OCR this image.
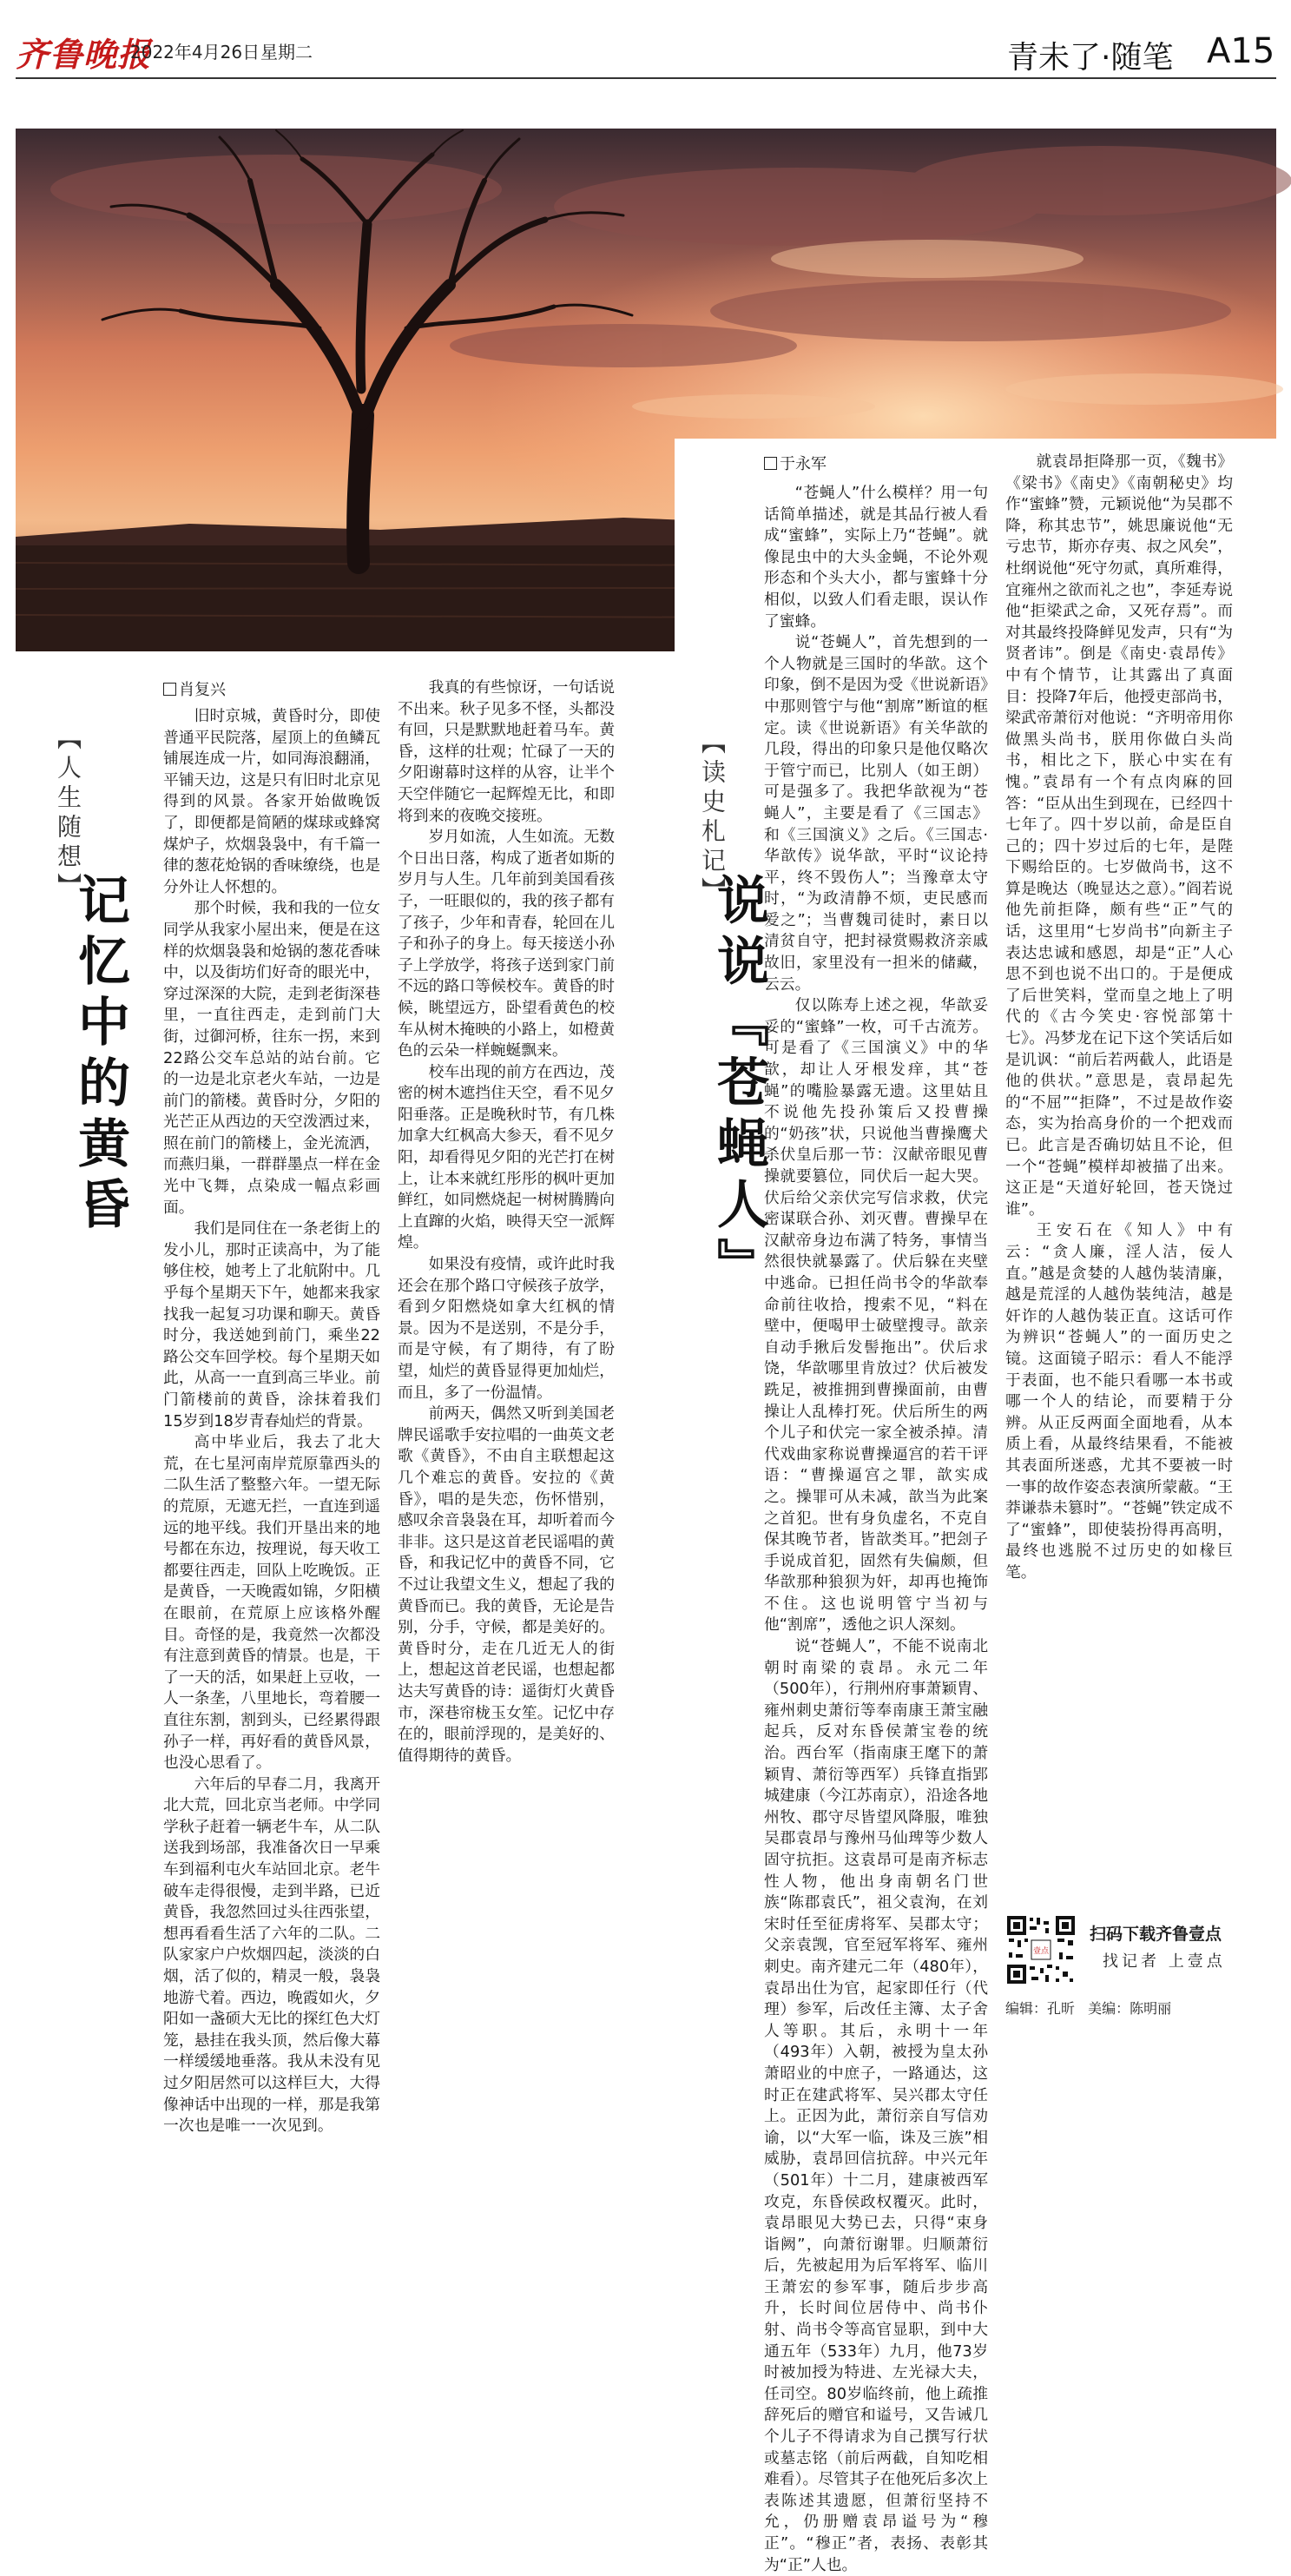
齐鲁晚报
2022年4月26日 星期二	青未了·随笔 A15
【人生随想】
记忆中的黄昏
肖复兴

旧时京城，黄昏时分，即使普通平民院落，屋顶上的鱼鳞瓦铺展连成一片，如同海浪翻涌，平铺天边，这是只有旧时北京见得到的风景。各家开始做晚饭了，即便都是简陋的煤球或蜂窝煤炉子，炊烟袅袅中，有千篇一律的葱花炝锅的香味缭绕，也是分外让人怀想的。

那个时候，我和我的一位女同学从我家小屋出来，便是在这样的炊烟袅袅和炝锅的葱花香味中，以及街坊们好奇的眼光中，穿过深深的大院，走到老街深巷里，一直往西走，走到前门大街，过御河桥，往东一拐，来到22路公交车总站的站台前。它的一边是北京老火车站，一边是前门的箭楼。黄昏时分，夕阳的光芒正从西边的天空泼洒过来，照在前门的箭楼上，金光流洒，而燕归巢，一群群墨点一样在金光中飞舞，点染成一幅点彩画面。

我们是同住在一条老街上的发小儿，那时正读高中，为了能够住校，她考上了北航附中。几乎每个星期天下午，她都来我家找我一起复习功课和聊天。黄昏时分，我送她到前门，乘坐22路公交车回学校。每个星期天如此，从高一一直到高三毕业。前门箭楼前的黄昏，涂抹着我们15岁到18岁青春灿烂的背景。

高中毕业后，我去了北大荒，在七星河南岸荒原靠西头的二队生活了整整六年。一望无际的荒原，无遮无拦，一直连到遥远的地平线。我们开垦出来的地号都在东边，按理说，每天收工都要往西走，回队上吃晚饭。正是黄昏，一天晚霞如锦，夕阳横在眼前，在荒原上应该格外醒目。奇怪的是，我竟然一次都没有注意到黄昏的情景。也是，干了一天的活，如果赶上豆收，一人一条垄，八里地长，弯着腰一直往东割，割到头，已经累得跟孙子一样，再好看的黄昏风景，也没心思看了。

六年后的早春二月，我离开北大荒，回北京当老师。中学同学秋子赶着一辆老牛车，从二队送我到场部，我准备次日一早乘车到福利屯火车站回北京。老牛破车走得很慢，走到半路，已近黄昏，我忽然回过头往西张望，想再看看生活了六年的二队。二队家家户户炊烟四起，淡淡的白烟，活了似的，精灵一般，袅袅地游弋着。西边，晚霞如火，夕阳如一盏硕大无比的探红色大灯笼，悬挂在我头顶，然后像大幕一样缓缓地垂落。我从未没有见过夕阳居然可以这样巨大，大得像神话中出现的一样，那是我第一次也是唯一一次见到。

我真的有些惊讶，一句话说不出来。秋子见多不怪，头都没有回，只是默默地赶着马车。黄昏，这样的壮观；忙碌了一天的夕阳谢幕时这样的从容，让半个天空伴随它一起辉煌无比，和即将到来的夜晚交接班。

岁月如流，人生如流。无数个日出日落，构成了逝者如斯的岁月与人生。几年前到美国看孩子，一旺眼似的，我的孩子都有了孩子，少年和青春，轮回在儿子和孙子的身上。每天接送小孙子上学放学，将孩子送到家门前不远的路口等候校车。黄昏的时候，眺望远方，卧望看黄色的校车从树木掩映的小路上，如橙黄色的云朵一样蜿蜒飘来。

校车出现的前方在西边，茂密的树木遮挡住天空，看不见夕阳垂落。正是晚秋时节，有几株加拿大红枫高大参天，看不见夕阳，却看得见夕阳的光芒打在树上，让本来就红彤彤的枫叶更加鲜红，如同燃烧起一树树腾腾向上直蹿的火焰，映得天空一派辉煌。

如果没有疫情，或许此时我还会在那个路口守候孩子放学，看到夕阳燃烧如拿大红枫的情景。因为不是送别，不是分手，而是守候，有了期待，有了盼望，灿烂的黄昏显得更加灿烂，而且，多了一份温情。

前两天，偶然又听到美国老牌民谣歌手安拉唱的一曲英文老歌《黄昏》，不由自主联想起这几个难忘的黄昏。安拉的《黄昏》，唱的是失恋，伤怀惜别，感叹余音袅袅在耳，却听着而今非非。这只是这首老民谣唱的黄昏，和我记忆中的黄昏不同，它不过让我望文生义，想起了我的黄昏而已。我的黄昏，无论是告别，分手，守候，都是美好的。黄昏时分，走在几近无人的街上，想起这首老民谣，也想起都达夫写黄昏的诗：遥街灯火黄昏市，深巷帘栊玉女笙。记忆中存在的，眼前浮现的，是美好的、值得期待的黄昏。

【读史札记】
说说『苍蝇人』
于永军

“苍蝇人”什么模样？用一句话简单描述，就是其品行被人看成“蜜蜂”，实际上乃“苍蝇”。就像昆虫中的大头金蝇，不论外观形态和个头大小，都与蜜蜂十分相似，以致人们看走眼，误认作了蜜蜂。

说“苍蝇人”，首先想到的一个人物就是三国时的华歆。这个印象，倒不是因为受《世说新语》中那则管宁与他“割席”断谊的框定。读《世说新语》有关华歆的几段，得出的印象只是他仅略次于管宁而已，比别人（如王朗）可是强多了。我把华歆视为“苍蝇人”，主要是看了《三国志》和《三国演义》之后。《三国志·华歆传》说华歆，平时“议论持平，终不毁伤人”；当豫章太守时，“为政清静不烦，吏民感而爱之”；当曹魏司徒时，素日以清贫自守，把封禄赏赐救济亲戚故旧，家里没有一担米的储藏，云云。

仅以陈寿上述之视，华歆妥妥的“蜜蜂”一枚，可千古流芳。可是看了《三国演义》中的华歆，却让人牙根发痒，其“苍蝇”的嘴脸暴露无遗。这里姑且不说他先投孙策后又投曹操的“奶孩”状，只说他当曹操鹰犬杀伏皇后那一节：汉献帝眼见曹操就要篡位，同伏后一起大哭。伏后给父亲伏完写信求救，伏完密谋联合孙、刘灭曹。曹操早在汉献帝身边布满了特务，事情当然很快就暴露了。伏后躲在夹壁中逃命。已担任尚书令的华歆奉命前往收拾，搜索不见，“料在壁中，便喝甲士破壁搜寻。歆亲自动手揪后发髻拖出”。伏后求饶，华歆哪里肯放过？伏后被发跣足，被推拥到曹操面前，由曹操让人乱棒打死。伏后所生的两个儿子和伏完一家全被杀掉。清代戏曲家称说曹操逼宫的若干评语：“曹操逼宫之罪，歆实成之。操罪可从未减，歆当为此案之首犯。世有身负虚名，不克自保其晚节者，皆歆类耳。”把刽子手说成首犯，固然有失偏颇，但华歆那种狼狈为奸，却再也掩饰不住。这也说明管宁当初与他“割席”，透他之识人深刻。

说“苍蝇人”，不能不说南北朝时南梁的袁昂。永元二年（500年），行荆州府事萧颖胄、雍州刺史萧衍等奉南康王萧宝融起兵，反对东昏侯萧宝卷的统治。西台军（指南康王麾下的萧颖胄、萧衍等西军）兵锋直指郢城建康（今江苏南京），沿途各地州牧、郡守尽皆望风降服，唯独吴郡袁昂与豫州马仙琕等少数人固守抗拒。这袁昂可是南齐标志性人物，他出身南朝名门世族“陈郡袁氏”，祖父袁洵，在刘宋时任至征虏将军、吴郡太守；父亲袁觊，官至冠军将军、雍州刺史。南齐建元二年（480年），袁昂出仕为官，起家即任行（代理）参军，后改任主簿、太子舍人等职。其后，永明十一年（493年）入朝，被授为皇太孙萧昭业的中庶子，一路通达，这时正在建武将军、吴兴郡太守任上。正因为此，萧衍亲自写信劝谕，以“大军一临，诛及三族”相威胁，袁昂回信抗辞。中兴元年（501年）十二月，建康被西军攻克，东昏侯政权覆灭。此时，袁昂眼见大势已去，只得“束身诣阙”，向萧衍谢罪。归顺萧衍后，先被起用为后军将军、临川王萧宏的参军事，随后步步高升，长时间位居侍中、尚书仆射、尚书令等高官显职，到中大通五年（533年）九月，他73岁时被加授为特进、左光禄大夫，任司空。80岁临终前，他上疏推辞死后的赠官和谥号，又告诫几个儿子不得请求为自己撰写行状或墓志铭（前后两截，自知吃相难看）。尽管其子在他死后多次上表陈述其遗愿，但萧衍坚持不允，仍册赠袁昂谥号为“穆正”。“穆正”者，表扬、表彰其为“正”人也。

就袁昂拒降那一页，《魏书》《梁书》《南史》《南朝秘史》均作“蜜蜂”赞，元颖说他“为吴郡不降，称其忠节”，姚思廉说他“无亏忠节，斯亦存夷、叔之风矣”，杜纲说他“死守勿贰，真所难得，宜雍州之欲而礼之也”，李延寿说他“拒梁武之命，又死存焉”。而对其最终投降鲜见发声，只有“为贤者讳”。倒是《南史·袁昂传》中有个情节，让其露出了真面目：投降7年后，他授吏部尚书，梁武帝萧衍对他说：“齐明帝用你做黑头尚书，朕用你做白头尚书，相比之下，朕心中实在有愧。”袁昂有一个有点肉麻的回答：“臣从出生到现在，已经四十七年了。四十岁以前，命是臣自己的；四十岁过后的七年，是陛下赐给臣的。七岁做尚书，这不算是晚达（晚显达之意）。”阎若说他先前拒降，颇有些“正”气的话，这里用“七岁尚书”向新主子表达忠诚和感恩，却是“正”人心思不到也说不出口的。于是便成了后世笑料，堂而皇之地上了明代的《古今笑史·容悦部第十七》。冯梦龙在记下这个笑话后如是讥讽：“前后若两截人，此语是他的供状。”意思是，袁昂起先的“不屈”“拒降”，不过是故作姿态，实为抬高身价的一个把戏而已。此言是否确切姑且不论，但一个“苍蝇”模样却被描了出来。这正是“天道好轮回，苍天饶过谁”。

王安石在《知人》中有云：“贪人廉，淫人洁，佞人直。”越是贪婪的人越伪装清廉，越是荒淫的人越伪装纯洁，越是奸诈的人越伪装正直。这话可作为辨识“苍蝇人”的一面历史之镜。这面镜子昭示：看人不能浮于表面，也不能只看哪一本书或哪一个人的结论，而要精于分辨。从正反两面全面地看，从本质上看，从最终结果看，不能被其表面所迷惑，尤其不要被一时一事的故作姿态表演所蒙蔽。“王莽谦恭未篡时”。“苍蝇”铁定成不了“蜜蜂”，即使装扮得再高明，最终也逃脱不过历史的如椽巨笔。

壹点
扫码下载齐鲁壹点
找记者 上壹点
编辑：孔昕 美编：陈明丽
